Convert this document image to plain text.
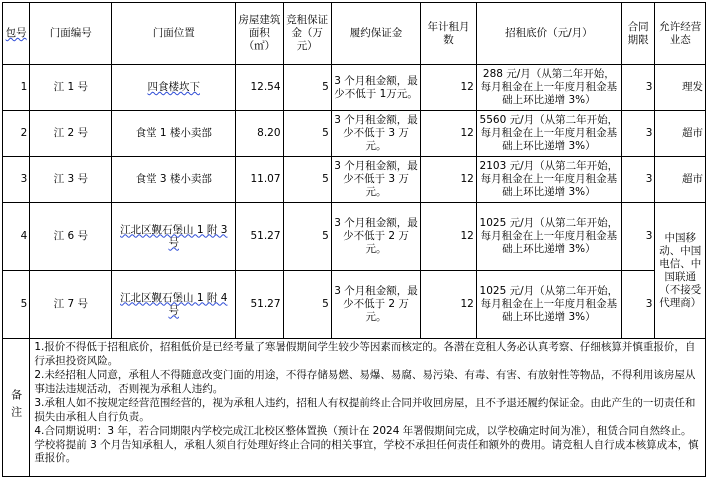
包号	门面编号	门面位置	房屋建筑面积（㎡）	竞租保证金（万元）	履约保证金	年计租月数	招租底价（元/月）	合同期限	允许经营业态
1	江 1 号	四食楼坎下	12.54	5	3 个月租金额，最少不低于 1万元。	12	288 元/月（从第二年开始，每月租金在上一年度月租金基础上环比递增 3%）	3	理发
2	江 2 号	食堂 1 楼小卖部	8.20	5	3 个月租金额，最少不低于 3 万元。	12	5560 元/月（从第二年开始，每月租金在上一年度月租金基础上环比递增 3%）	3	超市
3	江 3 号	食堂 3 楼小卖部	11.07	5	3 个月租金额，最少不低于 3 万元。	12	2103 元/月（从第二年开始，每月租金在上一年度月租金基础上环比递增 3%）	3	超市
4	江 6 号	江北区觐石堡山 1 附 3 号	51.27	5	3 个月租金额，最少不低于 2 万元。	12	1025 元/月（从第二年开始，每月租金在上一年度月租金基础上环比递增 3%）	3	中国移动、中国电信、中国联通（不接受代理商）
5	江 7 号	江北区觐石堡山 1 附 4 号	51.27	5	3 个月租金额，最少不低于 2 万元。	12	1025 元/月（从第二年开始，每月租金在上一年度月租金基础上环比递增 3%）	3	
备注	1.报价不得低于招租底价，招租低价是已经考量了寒暑假期间学生较少等因素而核定的。各潜在竞租人务必认真考察、仔细核算并慎重报价，自行承担投资风险。

2.未经招租人同意，承租人不得随意改变门面的用途，不得存储易燃、易爆、易腐、易污染、有毒、有害、有放射性等物品，不得利用该房屋从事违法违规活动，否则视为承租人违约。

3.承租人如不按规定经营范围经营的，视为承租人违约，招租人有权提前终止合同并收回房屋，且不予退还履约保证金。由此产生的一切责任和损失由承租人自行负责。

4.合同期说明：3 年，若合同期限内学校完成江北校区整体置换（预计在 2024 年署假期间完成，以学校确定时间为准），租赁合同自然终止。学校将提前 3 个月告知承租人，承租人须自行处理好终止合同的相关事宜，学校不承担任何责任和额外的费用。请竞租人自行成本核算成本，慎重报价。								
